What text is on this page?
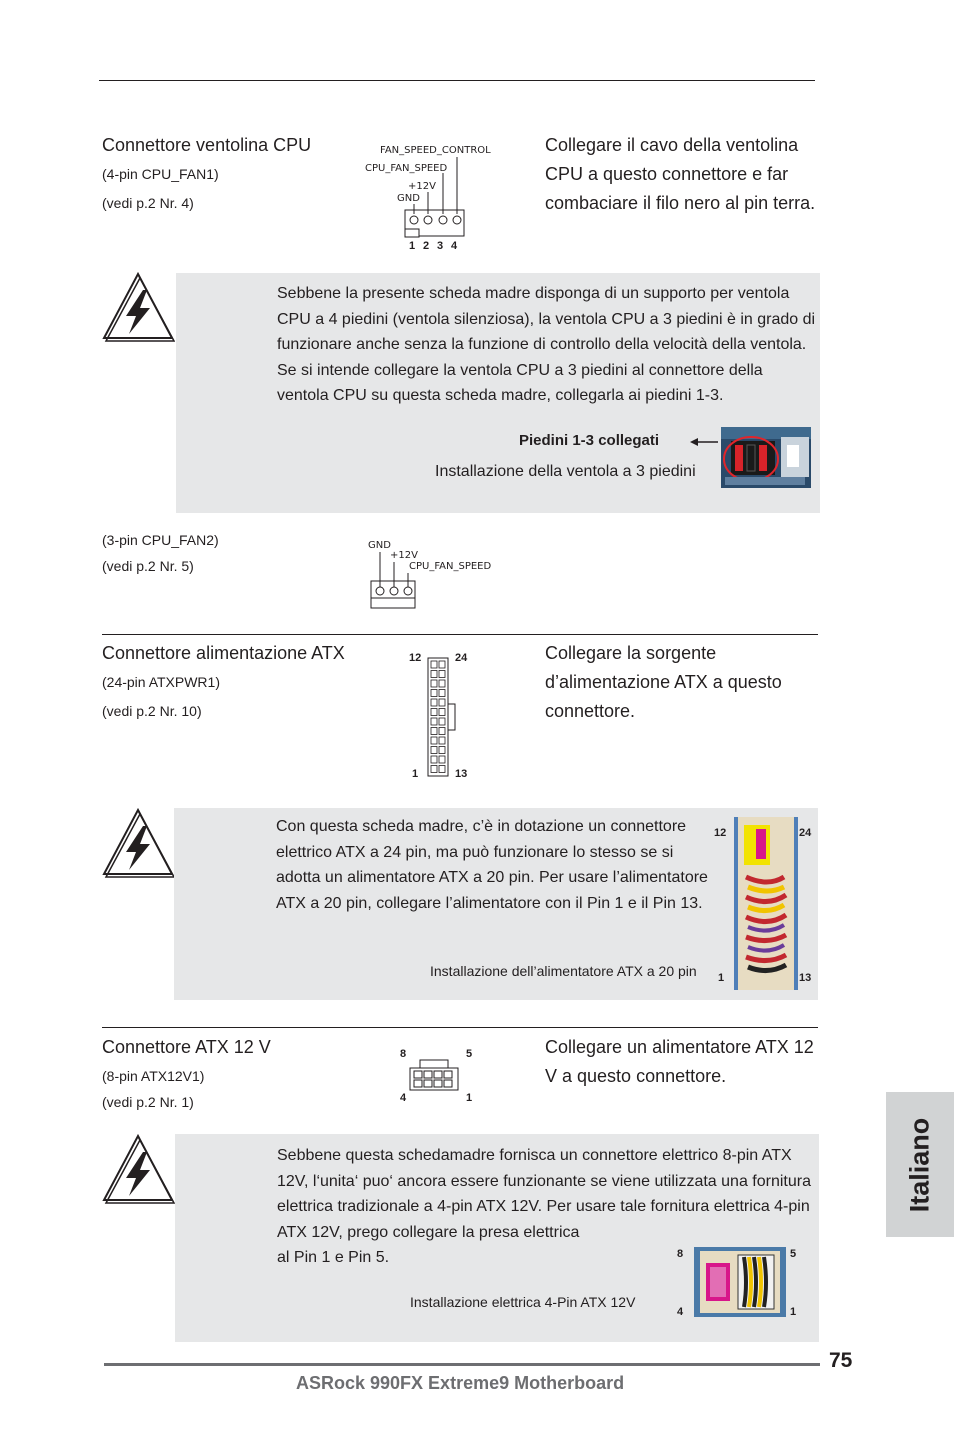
Connettore ventolina CPU
(4-pin CPU_FAN1)
(vedi p.2 Nr. 4)
FAN_SPEED_CONTROL
CPU_FAN_SPEED
+12V
GND
1 2 3 4
Collegare il cavo della ventolina CPU a questo connettore e far combaciare il filo nero al pin terra.
Sebbene la presente scheda madre disponga di un supporto per ventola CPU a 4 piedini (ventola silenziosa), la ventola CPU a 3 piedini è in grado di funzionare anche senza la funzione di controllo della velocità della ventola. Se si intende collegare la ventola CPU a 3 piedini al connettore della ventola CPU su questa scheda madre, collegarla ai piedini 1-3.
Piedini 1-3 collegati
Installazione della ventola a 3 piedini
(3-pin CPU_FAN2)
(vedi p.2 Nr. 5)
GND
+12V
CPU_FAN_SPEED
Connettore alimentazione ATX
(24-pin ATXPWR1)
(vedi p.2 Nr. 10)
12	24
1	13
Collegare la sorgente d’alimentazione ATX a questo connettore.
Con questa scheda madre, c’è in dotazione un connettore elettrico ATX a 24 pin, ma può funzionare lo stesso se si adotta un alimentatore ATX a 20 pin. Per usare l’alimentatore ATX a 20 pin, collegare l’alimentatore con il Pin 1 e il Pin 13.
Installazione dell’alimentatore ATX a 20 pin
12	24
1	13
Connettore ATX 12 V
(8-pin ATX12V1)
(vedi p.2 Nr. 1)
8	5
4	1
Collegare un alimentatore ATX 12 V a questo connettore.
Sebbene questa schedamadre fornisca un connettore elettrico 8-pin ATX 12V, l‘unita‘ puo‘ ancora essere funzionante se viene utilizzata una fornitura elettrica tradizionale a 4-pin ATX 12V. Per usare tale fornitura elettrica 4-pin ATX 12V, prego collegare la presa elettrica
al Pin 1 e Pin 5.
Installazione elettrica 4-Pin ATX 12V
8	5
4	1
Italiano
75
ASRock 990FX Extreme9 Motherboard
